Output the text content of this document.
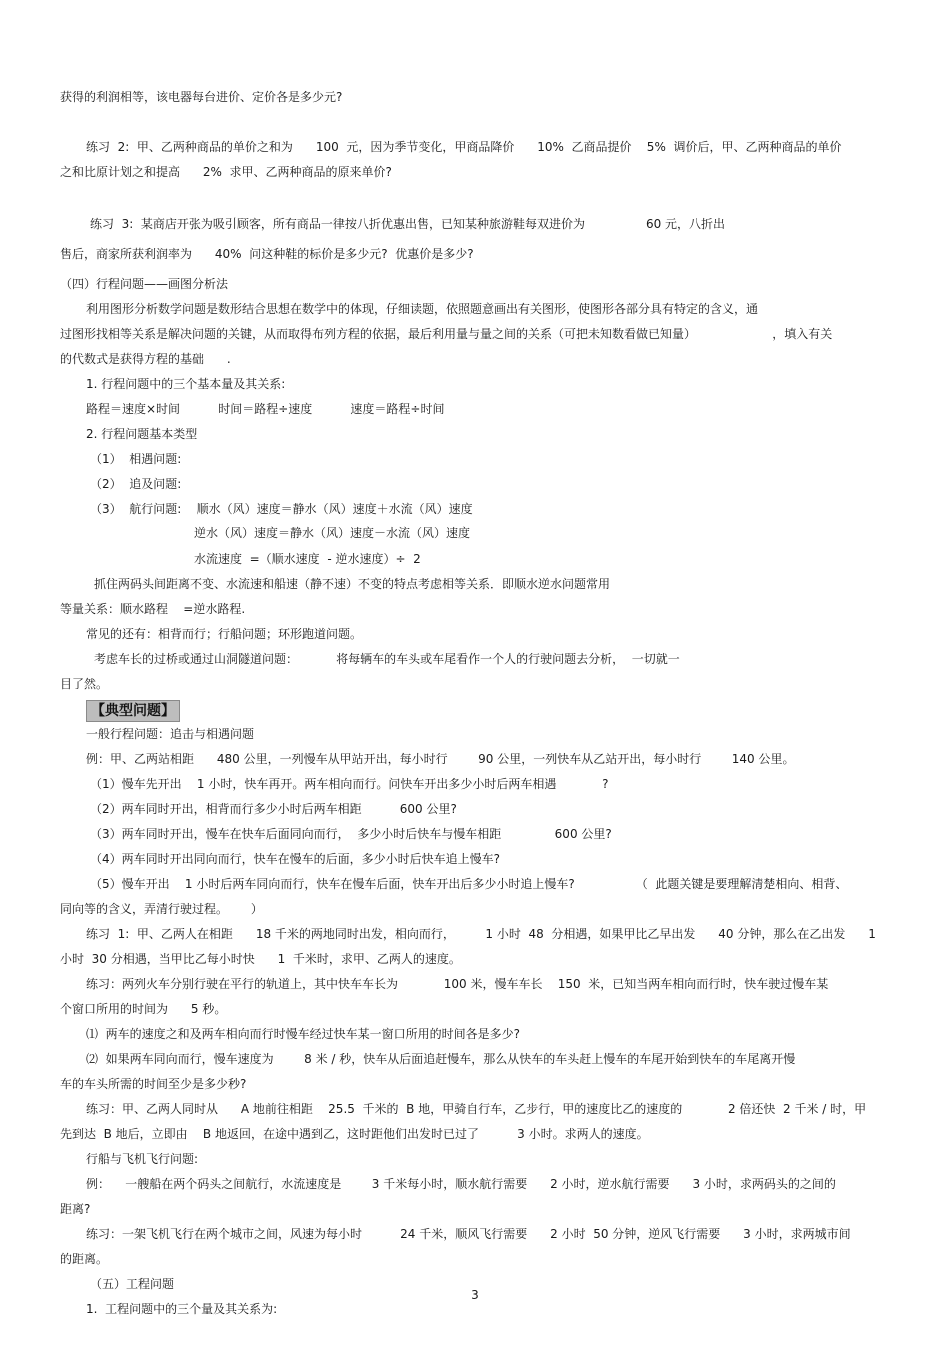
获得的利润相等，该电器每台进价、定价各是多少元?

练习  2:  甲、乙两种商品的单价之和为      100  元，因为季节变化，甲商品降价      10%  乙商品提价    5%  调价后，甲、乙两种商品的单价

之和比原计划之和提高      2%  求甲、乙两种商品的原来单价?

练习  3:  某商店开张为吸引顾客，所有商品一律按八折优惠出售，已知某种旅游鞋每双进价为                60 元，八折出

售后，商家所获利润率为      40%  问这种鞋的标价是多少元?  优惠价是多少?

（四）行程问题——画图分析法

利用图形分析数学问题是数形结合思想在数学中的体现，仔细读题，依照题意画出有关图形，使图形各部分具有特定的含义，通

过图形找相等关系是解决问题的关键，从而取得布列方程的依据，最后利用量与量之间的关系（可把未知数看做已知量）                    ，填入有关

的代数式是获得方程的基础      .

1. 行程问题中的三个基本量及其关系:

路程＝速度×时间          时间＝路程÷速度          速度＝路程÷时间

2. 行程问题基本类型

（1）  相遇问题:

（2）  追及问题:

（3）  航行问题:    顺水（风）速度＝静水（风）速度＋水流（风）速度

逆水（风）速度＝静水（风）速度－水流（风）速度

水流速度  =（顺水速度  - 逆水速度）÷  2

抓住两码头间距离不变、水流速和船速（静不速）不变的特点考虑相等关系．即顺水逆水问题常用

等量关系：顺水路程    =逆水路程.

常见的还有：相背而行；行船问题；环形跑道问题。

考虑车长的过桥或通过山洞隧道问题：          将每辆车的车头或车尾看作一个人的行驶问题去分析，  一切就一

目了然。

一般行程问题：追击与相遇问题

例：甲、乙两站相距      480 公里，一列慢车从甲站开出，每小时行        90 公里，一列快车从乙站开出，每小时行        140 公里。

（1）慢车先开出    1 小时，快车再开。两车相向而行。问快车开出多少小时后两车相遇            ?

（2）两车同时开出，相背而行多少小时后两车相距          600 公里?

（3）两车同时开出，慢车在快车后面同向而行，  多少小时后快车与慢车相距              600 公里?

（4）两车同时开出同向而行，快车在慢车的后面，多少小时后快车追上慢车?

（5）慢车开出    1 小时后两车同向而行，快车在慢车后面，快车开出后多少小时追上慢车?                （  此题关键是要理解清楚相向、相背、

同向等的含义，弄清行驶过程。      ）

练习  1:  甲、乙两人在相距      18 千米的两地同时出发，相向而行，        1 小时  48  分相遇，如果甲比乙早出发      40 分钟，那么在乙出发      1

小时  30 分相遇，当甲比乙每小时快      1  千米时，求甲、乙两人的速度。

练习：两列火车分别行驶在平行的轨道上，其中快车车长为            100 米，慢车车长    150  米，已知当两车相向而行时，快车驶过慢车某

个窗口所用的时间为      5 秒。

⑴  两车的速度之和及两车相向而行时慢车经过快车某一窗口所用的时间各是多少?

⑵  如果两车同向而行，慢车速度为        8 米 / 秒，快车从后面追赶慢车，那么从快车的车头赶上慢车的车尾开始到快车的车尾离开慢

车的车头所需的时间至少是多少秒?

练习：甲、乙两人同时从      A 地前往相距    25.5  千米的  B 地，甲骑自行车，乙步行，甲的速度比乙的速度的            2 倍还快  2 千米 / 时，甲

先到达  B 地后，立即由    B 地返回，在途中遇到乙，这时距他们出发时已过了          3 小时。求两人的速度。

行船与飞机飞行问题:

例：    一艘船在两个码头之间航行，水流速度是        3 千米每小时，顺水航行需要      2 小时，逆水航行需要      3 小时，求两码头的之间的

距离?

练习：一架飞机飞行在两个城市之间，风速为每小时          24 千米，顺风飞行需要      2 小时  50 分钟，逆风飞行需要      3 小时，求两城市间

的距离。

（五）工程问题

1.  工程问题中的三个量及其关系为:

【典型问题】
3
